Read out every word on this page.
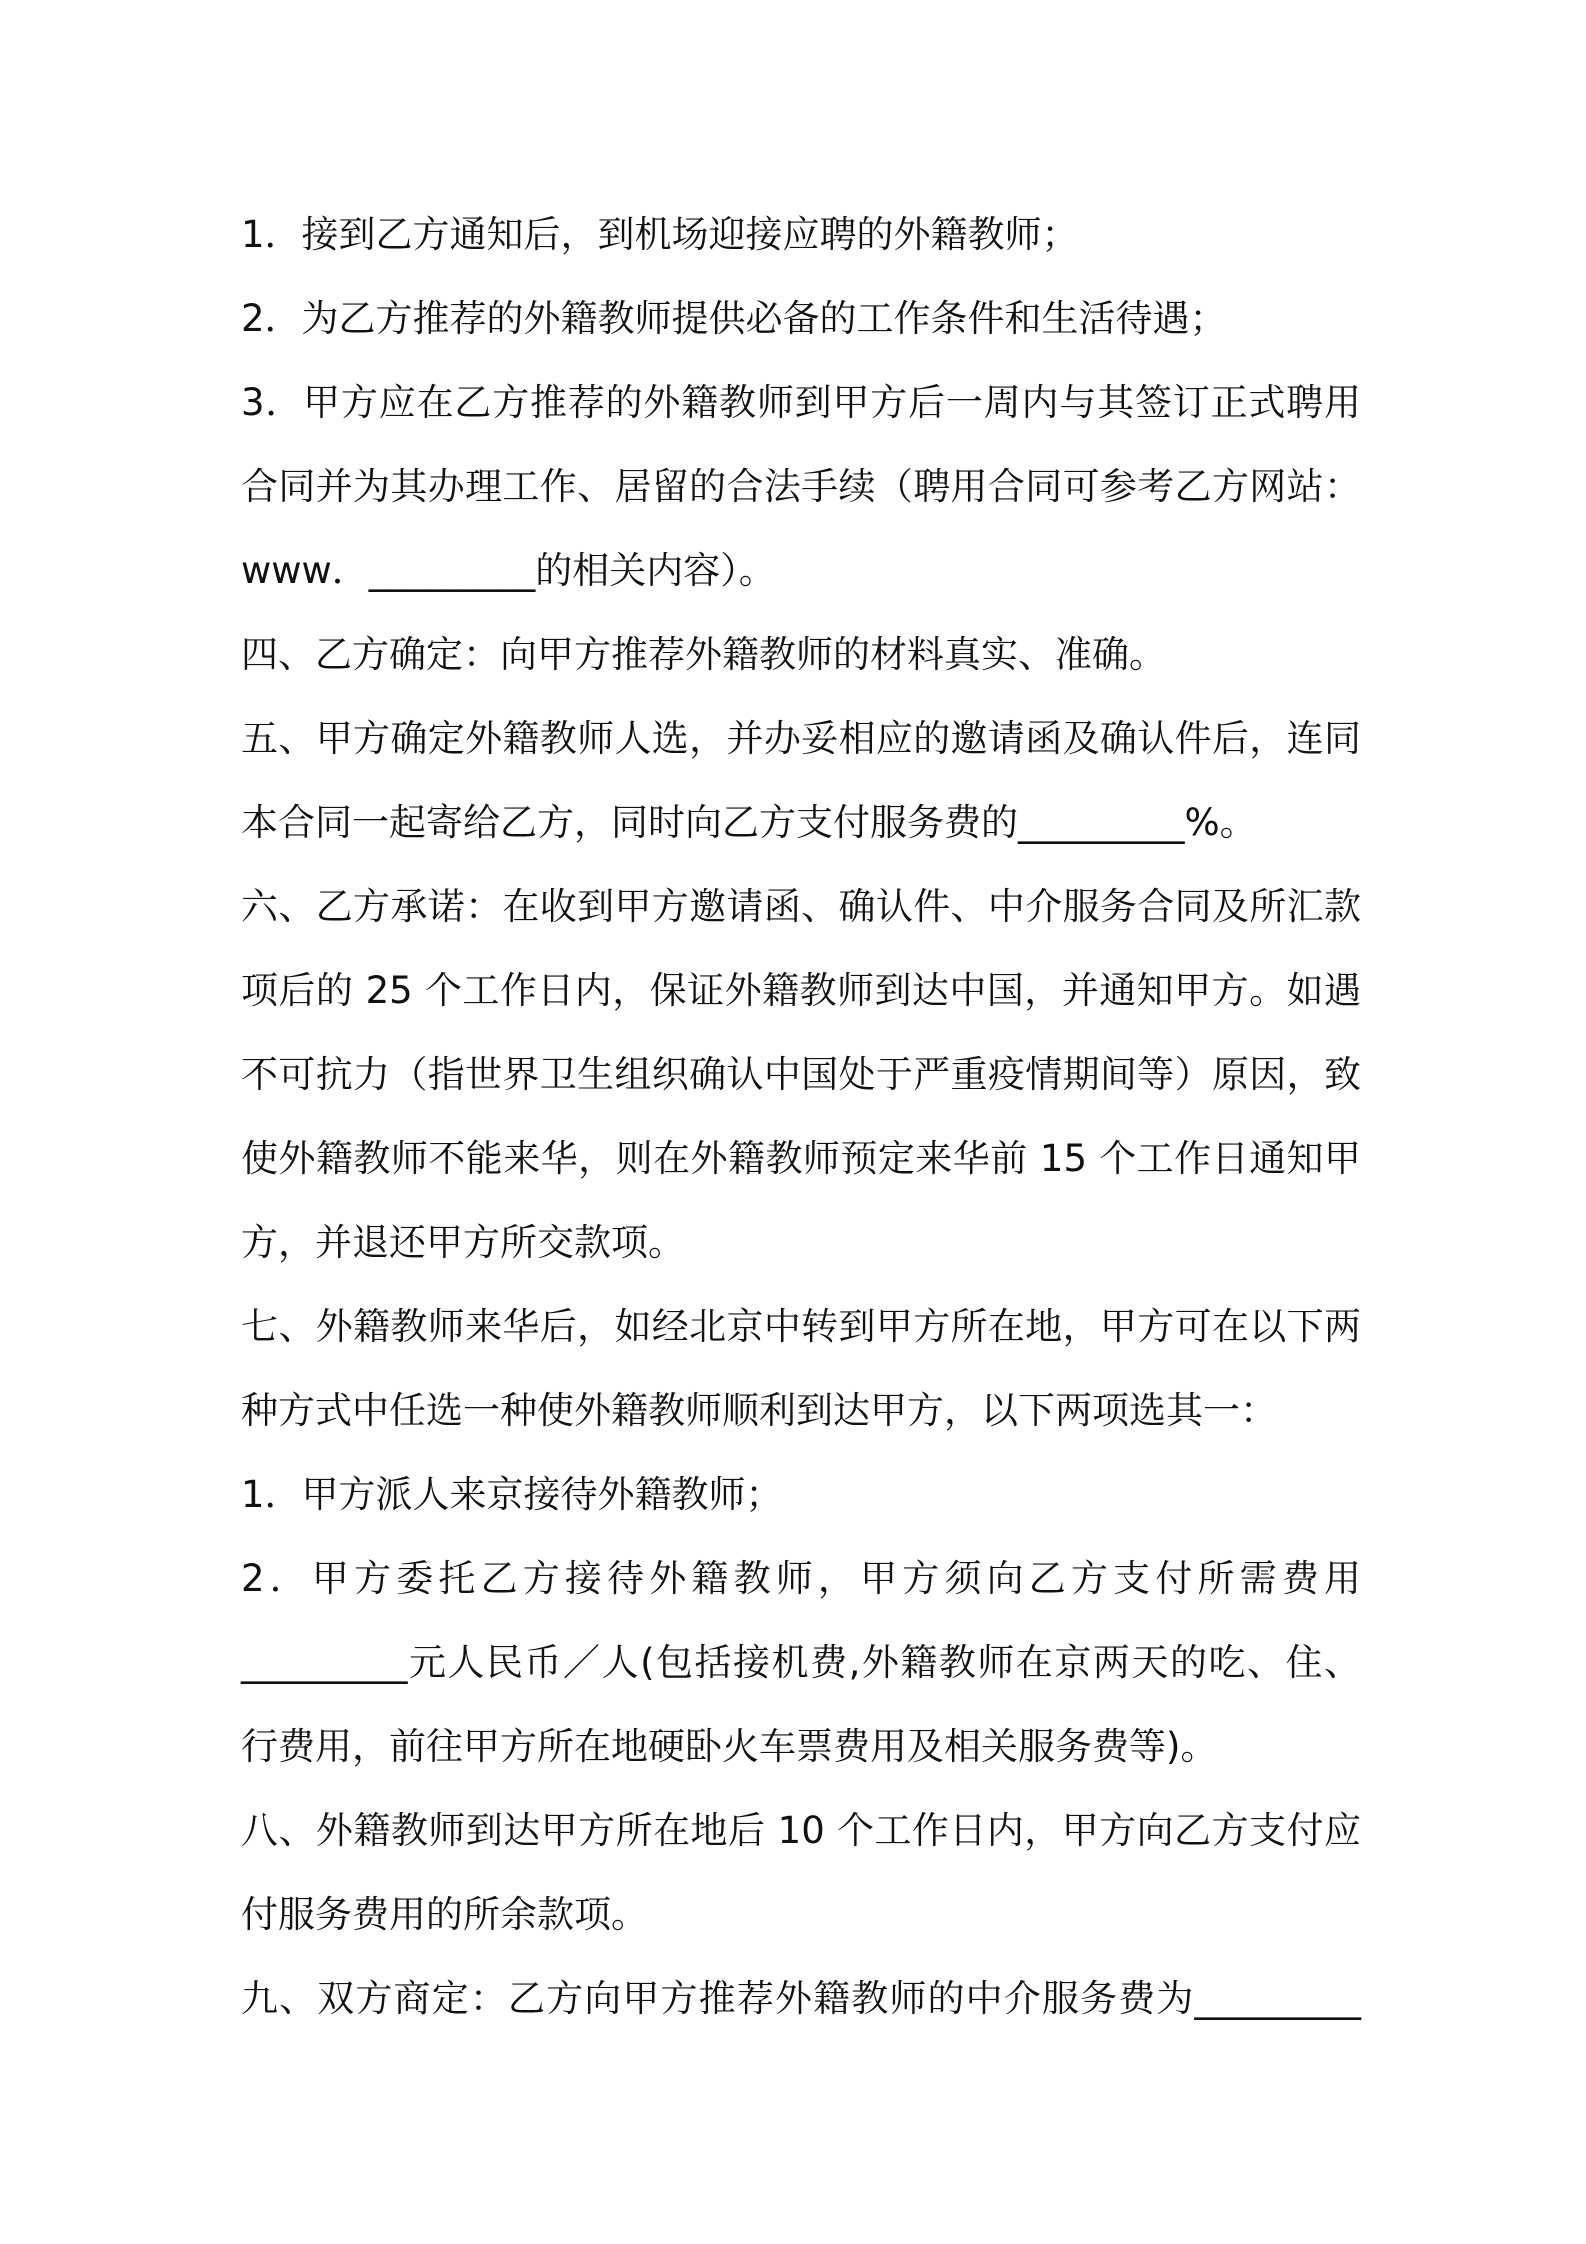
1．接到乙方通知后，到机场迎接应聘的外籍教师；
2．为乙方推荐的外籍教师提供必备的工作条件和生活待遇；
3．甲方应在乙方推荐的外籍教师到甲方后一周内与其签订正式聘用
合同并为其办理工作、居留的合法手续（聘用合同可参考乙方网站：
www．_________的相关内容）。
四、乙方确定：向甲方推荐外籍教师的材料真实、准确。
五、甲方确定外籍教师人选，并办妥相应的邀请函及确认件后，连同
本合同一起寄给乙方，同时向乙方支付服务费的_________%。
六、乙方承诺：在收到甲方邀请函、确认件、中介服务合同及所汇款
项后的 25 个工作日内，保证外籍教师到达中国，并通知甲方。如遇
不可抗力（指世界卫生组织确认中国处于严重疫情期间等）原因，致
使外籍教师不能来华，则在外籍教师预定来华前 15 个工作日通知甲
方，并退还甲方所交款项。
七、外籍教师来华后，如经北京中转到甲方所在地，甲方可在以下两
种方式中任选一种使外籍教师顺利到达甲方，以下两项选其一：
1．甲方派人来京接待外籍教师；
2．甲方委托乙方接待外籍教师，甲方须向乙方支付所需费用
_________元人民币／人(包括接机费,外籍教师在京两天的吃、住、
行费用，前往甲方所在地硬卧火车票费用及相关服务费等)。
八、外籍教师到达甲方所在地后 10 个工作日内，甲方向乙方支付应
付服务费用的所余款项。
九、双方商定：乙方向甲方推荐外籍教师的中介服务费为_________
